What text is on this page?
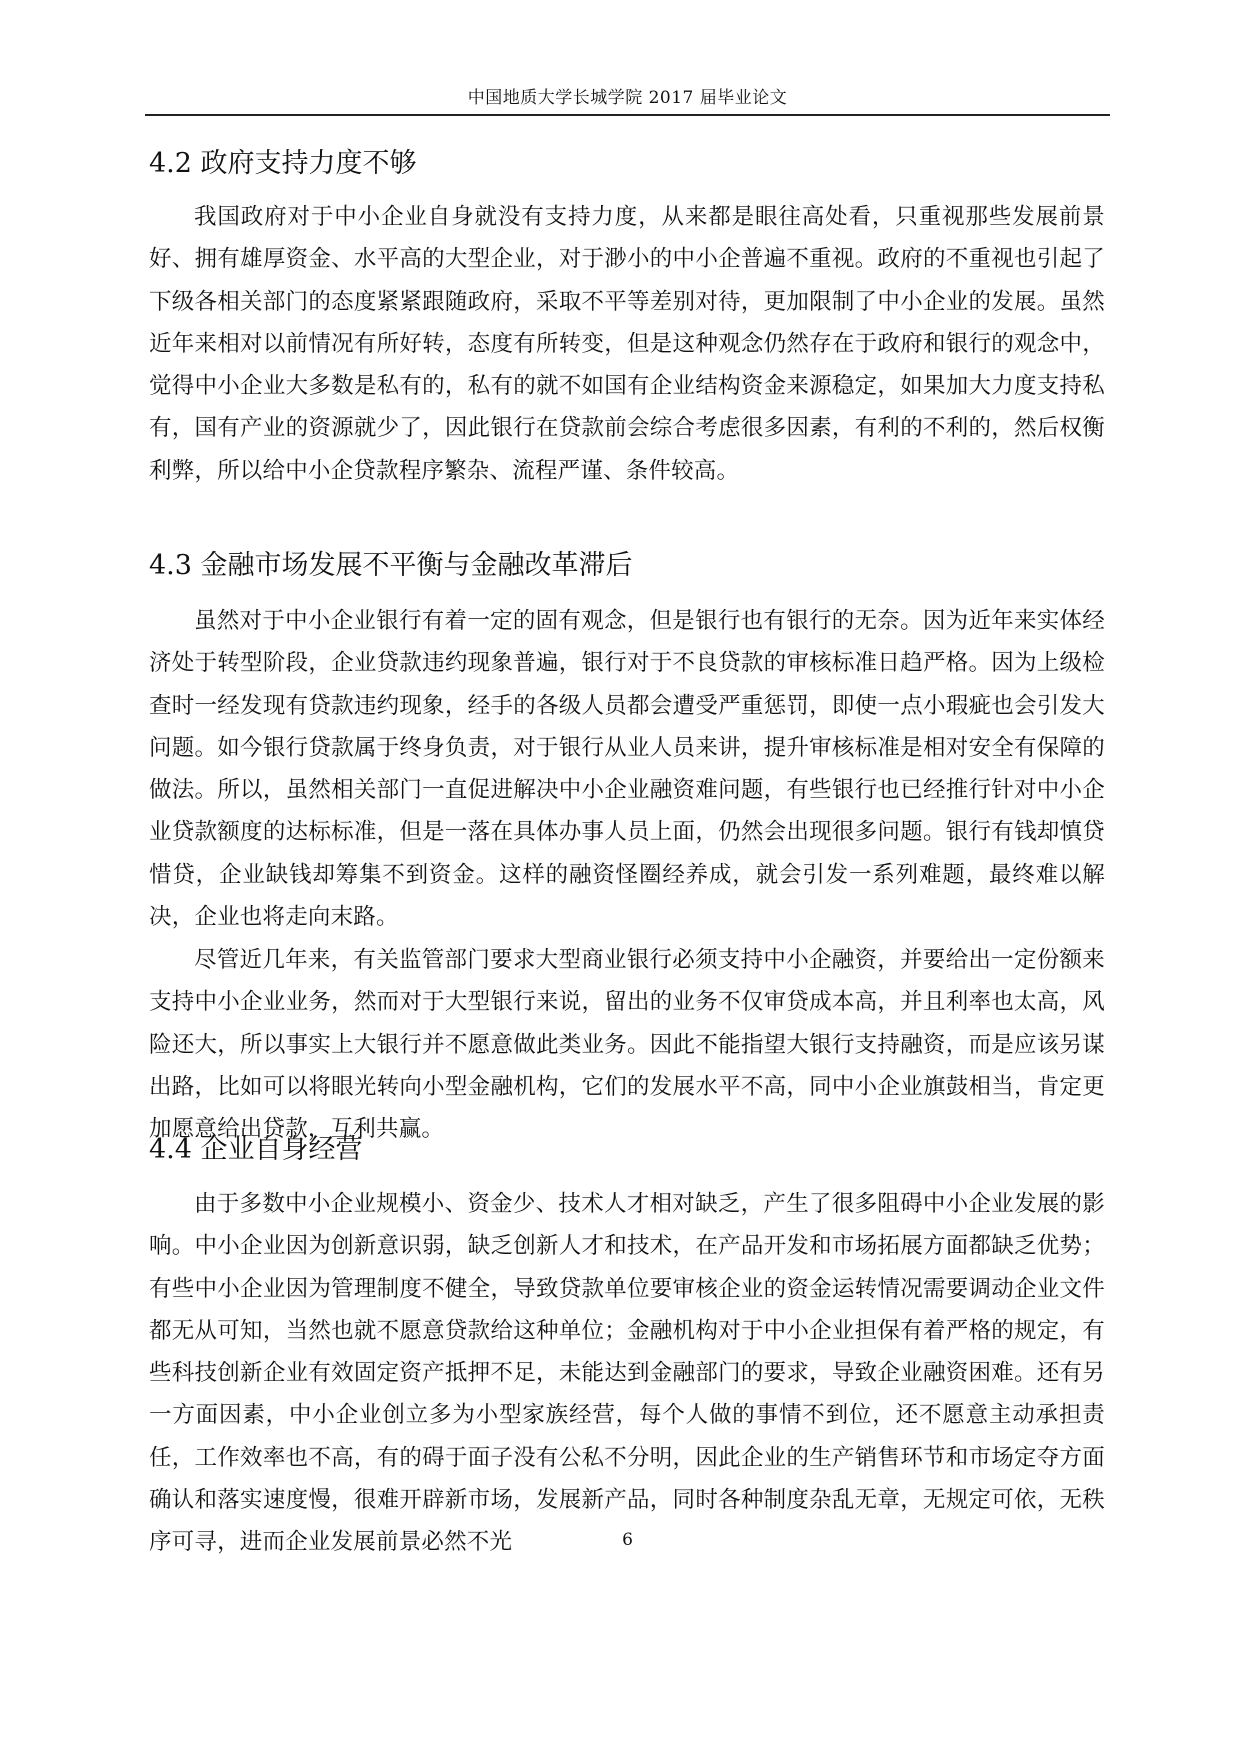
中国地质大学长城学院 2017 届毕业论文
4.2 政府支持力度不够

我国政府对于中小企业自身就没有支持力度，从来都是眼往高处看，只重视那些发展前景好、拥有雄厚资金、水平高的大型企业，对于渺小的中小企普遍不重视。政府的不重视也引起了下级各相关部门的态度紧紧跟随政府，采取不平等差别对待，更加限制了中小企业的发展。虽然近年来相对以前情况有所好转，态度有所转变，但是这种观念仍然存在于政府和银行的观念中，觉得中小企业大多数是私有的，私有的就不如国有企业结构资金来源稳定，如果加大力度支持私有，国有产业的资源就少了，因此银行在贷款前会综合考虑很多因素，有利的不利的，然后权衡利弊，所以给中小企贷款程序繁杂、流程严谨、条件较高。

4.3 金融市场发展不平衡与金融改革滞后

虽然对于中小企业银行有着一定的固有观念，但是银行也有银行的无奈。因为近年来实体经济处于转型阶段，企业贷款违约现象普遍，银行对于不良贷款的审核标准日趋严格。因为上级检查时一经发现有贷款违约现象，经手的各级人员都会遭受严重惩罚，即使一点小瑕疵也会引发大问题。如今银行贷款属于终身负责，对于银行从业人员来讲，提升审核标准是相对安全有保障的做法。所以，虽然相关部门一直促进解决中小企业融资难问题，有些银行也已经推行针对中小企业贷款额度的达标标准，但是一落在具体办事人员上面，仍然会出现很多问题。银行有钱却慎贷惜贷，企业缺钱却筹集不到资金。这样的融资怪圈经养成，就会引发一系列难题，最终难以解决，企业也将走向末路。

尽管近几年来，有关监管部门要求大型商业银行必须支持中小企融资，并要给出一定份额来支持中小企业业务，然而对于大型银行来说，留出的业务不仅审贷成本高，并且利率也太高，风险还大，所以事实上大银行并不愿意做此类业务。因此不能指望大银行支持融资，而是应该另谋出路，比如可以将眼光转向小型金融机构，它们的发展水平不高，同中小企业旗鼓相当，肯定更加愿意给出贷款，互利共赢。

4.4 企业自身经营

由于多数中小企业规模小、资金少、技术人才相对缺乏，产生了很多阻碍中小企业发展的影响。中小企业因为创新意识弱，缺乏创新人才和技术，在产品开发和市场拓展方面都缺乏优势；有些中小企业因为管理制度不健全，导致贷款单位要审核企业的资金运转情况需要调动企业文件都无从可知，当然也就不愿意贷款给这种单位；金融机构对于中小企业担保有着严格的规定，有些科技创新企业有效固定资产抵押不足，未能达到金融部门的要求，导致企业融资困难。还有另一方面因素，中小企业创立多为小型家族经营，每个人做的事情不到位，还不愿意主动承担责任，工作效率也不高，有的碍于面子没有公私不分明，因此企业的生产销售环节和市场定夺方面确认和落实速度慢，很难开辟新市场，发展新产品，同时各种制度杂乱无章，无规定可依，无秩序可寻，进而企业发展前景必然不光	6
